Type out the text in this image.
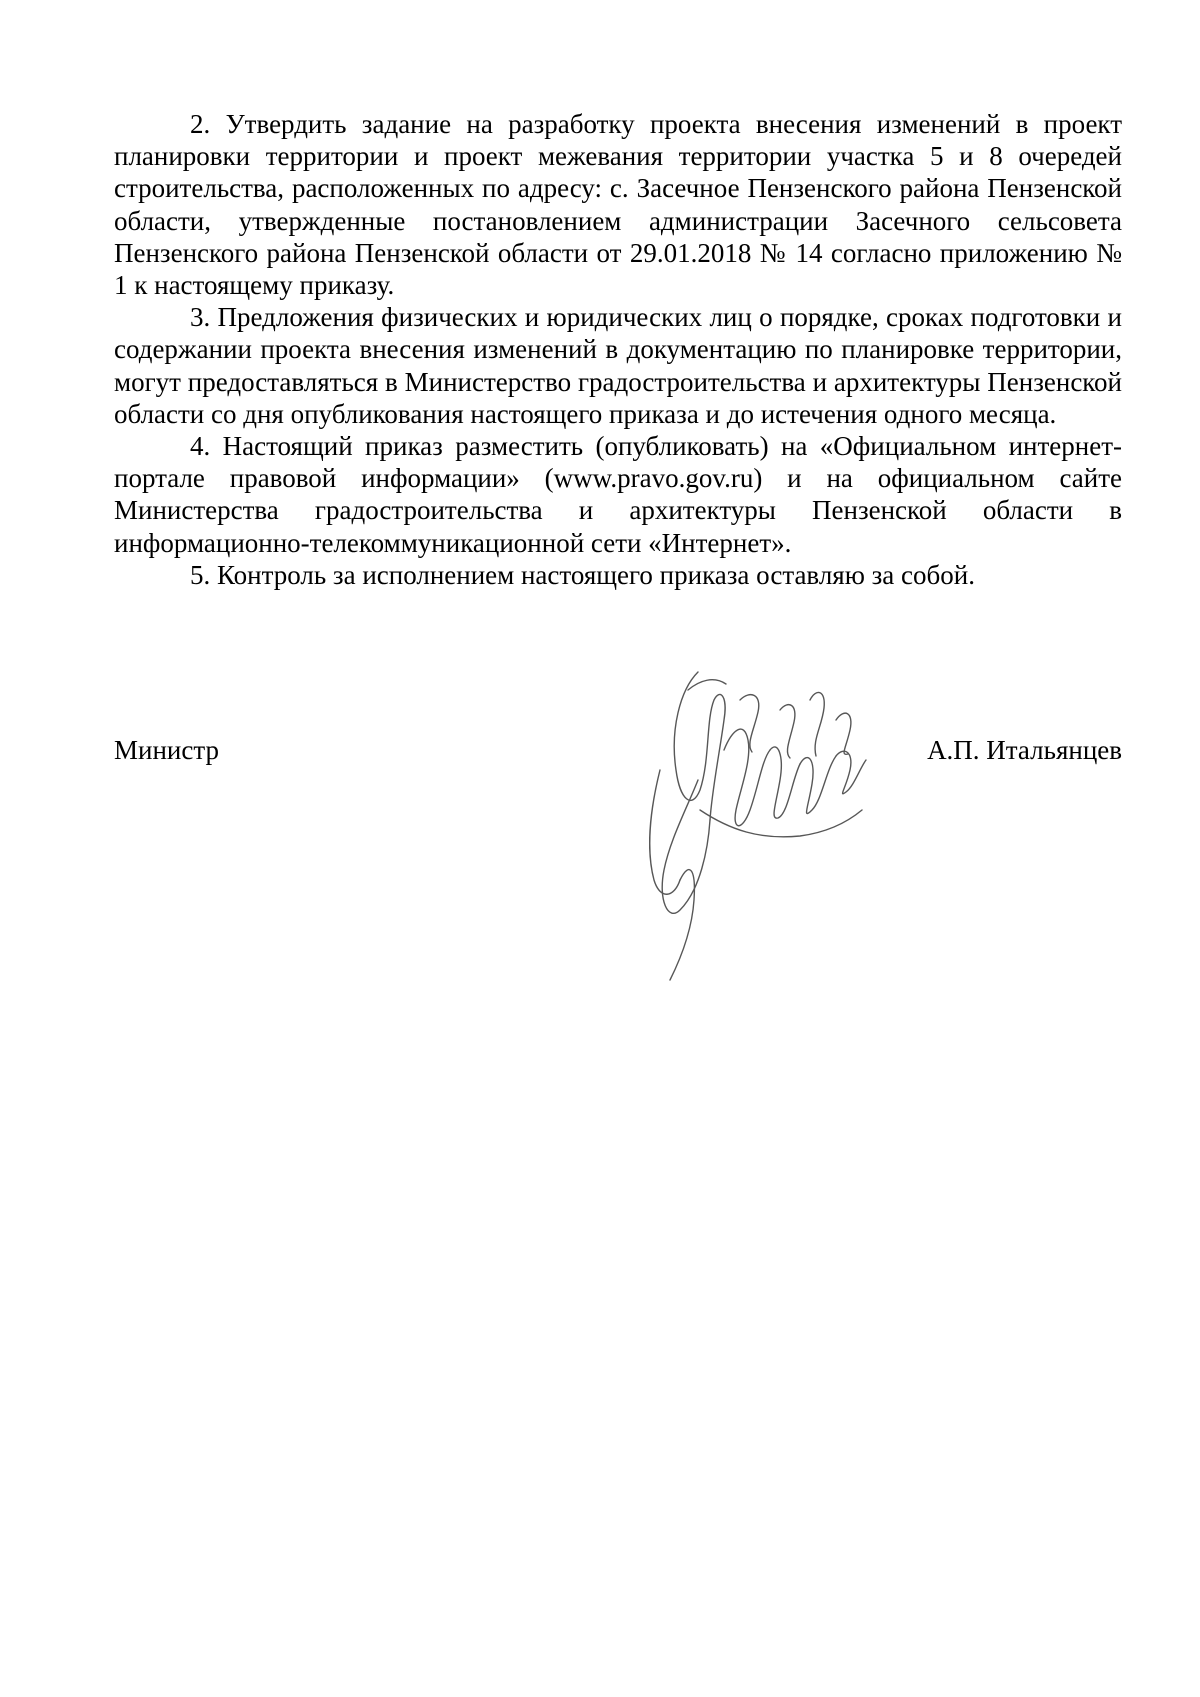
2. Утвердить задание на разработку проекта внесения изменений в проект планировки территории и проект межевания территории участка 5 и 8 очередей строительства, расположенных по адресу: с. Засечное Пензенского района Пензенской области, утвержденные постановлением администрации Засечного сельсовета Пензенского района Пензенской области от 29.01.2018 № 14 согласно приложению № 1 к настоящему приказу.

3. Предложения физических и юридических лиц о порядке, сроках подготовки и содержании проекта внесения изменений в документацию по планировке территории, могут предоставляться в Министерство градостроительства и архитектуры Пензенской области со дня опубликования настоящего приказа и до истечения одного месяца.

4. Настоящий приказ разместить (опубликовать) на «Официальном интернет-портале правовой информации» (www.pravo.gov.ru) и на официальном сайте Министерства градостроительства и архитектуры Пензенской области в информационно-телекоммуникационной сети «Интернет».

5. Контроль за исполнением настоящего приказа оставляю за собой.

Министр	А.П. Итальянцев
